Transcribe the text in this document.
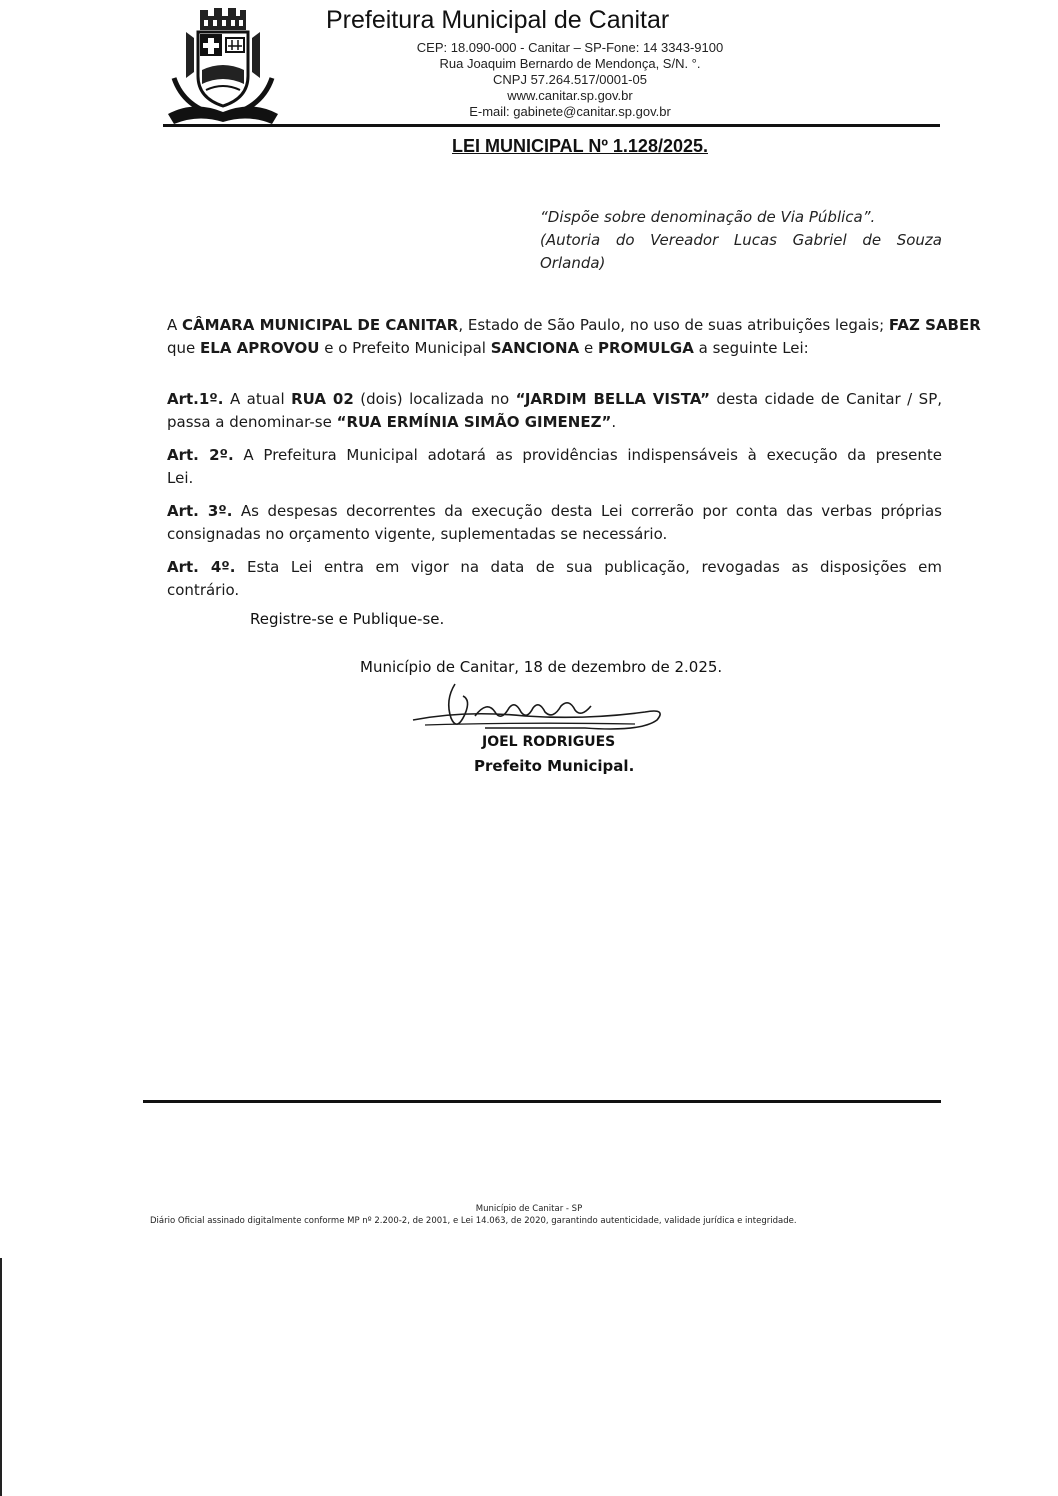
Prefeitura Municipal de Canitar
CEP: 18.090-000 - Canitar – SP-Fone: 14 3343-9100
Rua Joaquim Bernardo de Mendonça, S/N. °.
CNPJ 57.264.517/0001-05
www.canitar.sp.gov.br
E-mail: gabinete@canitar.sp.gov.br
LEI MUNICIPAL Nº 1.128/2025.
“Dispõe sobre denominação de Via Pública”.
(Autoria do Vereador Lucas Gabriel de Souza
Orlanda)
A CÂMARA MUNICIPAL DE CANITAR, Estado de São Paulo, no uso de suas atribuições legais; FAZ SABER
que ELA APROVOU e o Prefeito Municipal SANCIONA e PROMULGA a seguinte Lei:
Art.1º. A atual RUA 02 (dois) localizada no “JARDIM BELLA VISTA” desta cidade de Canitar / SP,
passa a denominar-se “RUA ERMÍNIA SIMÃO GIMENEZ”.
Art. 2º. A Prefeitura Municipal adotará as providências indispensáveis à execução da presente
Lei.
Art. 3º. As despesas decorrentes da execução desta Lei correrão por conta das verbas próprias
consignadas no orçamento vigente, suplementadas se necessário.
Art. 4º. Esta Lei entra em vigor na data de sua publicação, revogadas as disposições em
contrário.
Registre-se e Publique-se.
Município de Canitar, 18 de dezembro de 2.025.
JOEL RODRIGUES
Prefeito Municipal.
Município de Canitar - SP
Diário Oficial assinado digitalmente conforme MP nº 2.200-2, de 2001, e Lei 14.063, de 2020, garantindo autenticidade, validade jurídica e integridade.
